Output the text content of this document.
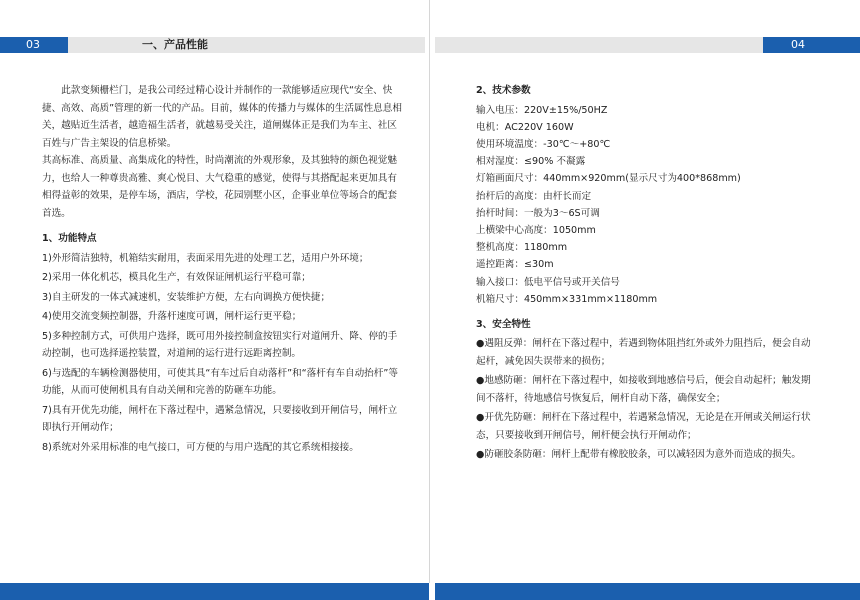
03	04
一、产品性能

此款变频栅栏门，是我公司经过精心设计并制作的一款能够适应现代“安全、快捷、高效、高质”管理的新一代的产品。目前，媒体的传播力与媒体的生活属性息息相关，越贴近生活者，越造福生活者，就越易受关注，道闸媒体正是我们为车主、社区百姓与广告主架设的信息桥梁。

其高标准、高质量、高集成化的特性，时尚潮流的外观形象，及其独特的颜色视觉魅力，也给人一种尊贵高雅、爽心悦目、大气稳重的感觉，使得与其搭配起来更加具有相得益彰的效果，是停车场，酒店，学校，花园别墅小区，企事业单位等场合的配套首选。

1、功能特点

1)外形简洁独特，机箱结实耐用，表面采用先进的处理工艺，适用户外环境；

2)采用一体化机芯，模具化生产，有效保证闸机运行平稳可靠；

3)自主研发的一体式减速机，安装维护方便，左右向调换方便快捷；

4)使用交流变频控制器，升落杆速度可调，闸杆运行更平稳；

5)多种控制方式，可供用户选择，既可用外接控制盒按钮实行对道闸升、降、停的手动控制，也可选择遥控装置，对道闸的运行进行远距离控制。

6)与选配的车辆检测器使用，可使其具“有车过后自动落杆”和“落杆有车自动抬杆”等功能，从而可使闸机具有自动关闸和完善的防砸车功能。

7)具有开优先功能，闸杆在下落过程中，遇紧急情况，只要接收到开闸信号，闸杆立即执行开闸动作；

8)系统对外采用标准的电气接口，可方便的与用户选配的其它系统相接接。

2、技术参数

输入电压：220V±15%/50HZ

电机：AC220V 160W

使用环境温度：-30℃～+80℃

相对湿度：≤90% 不凝露

灯箱画面尺寸：440mm×920mm(显示尺寸为400*868mm)

抬杆后的高度：由杆长而定

抬杆时间：一般为3～6S可调

上横梁中心高度：1050mm

整机高度：1180mm

遥控距离：≤30m

输入接口：低电平信号或开关信号

机箱尺寸：450mm×331mm×1180mm

3、安全特性

●遇阻反弹：闸杆在下落过程中，若遇到物体阻挡红外或外力阻挡后，便会自动起杆，减免因失误带来的损伤；

●地感防砸：闸杆在下落过程中，如接收到地感信号后，便会自动起杆；触发期间不落杆，待地感信号恢复后，闸杆自动下落，确保安全；

●开优先防砸：闸杆在下落过程中，若遇紧急情况，无论是在开闸或关闸运行状态，只要接收到开闸信号，闸杆便会执行开闸动作；

●防砸胶条防砸：闸杆上配带有橡胶胶条，可以减轻因为意外而造成的损失。
